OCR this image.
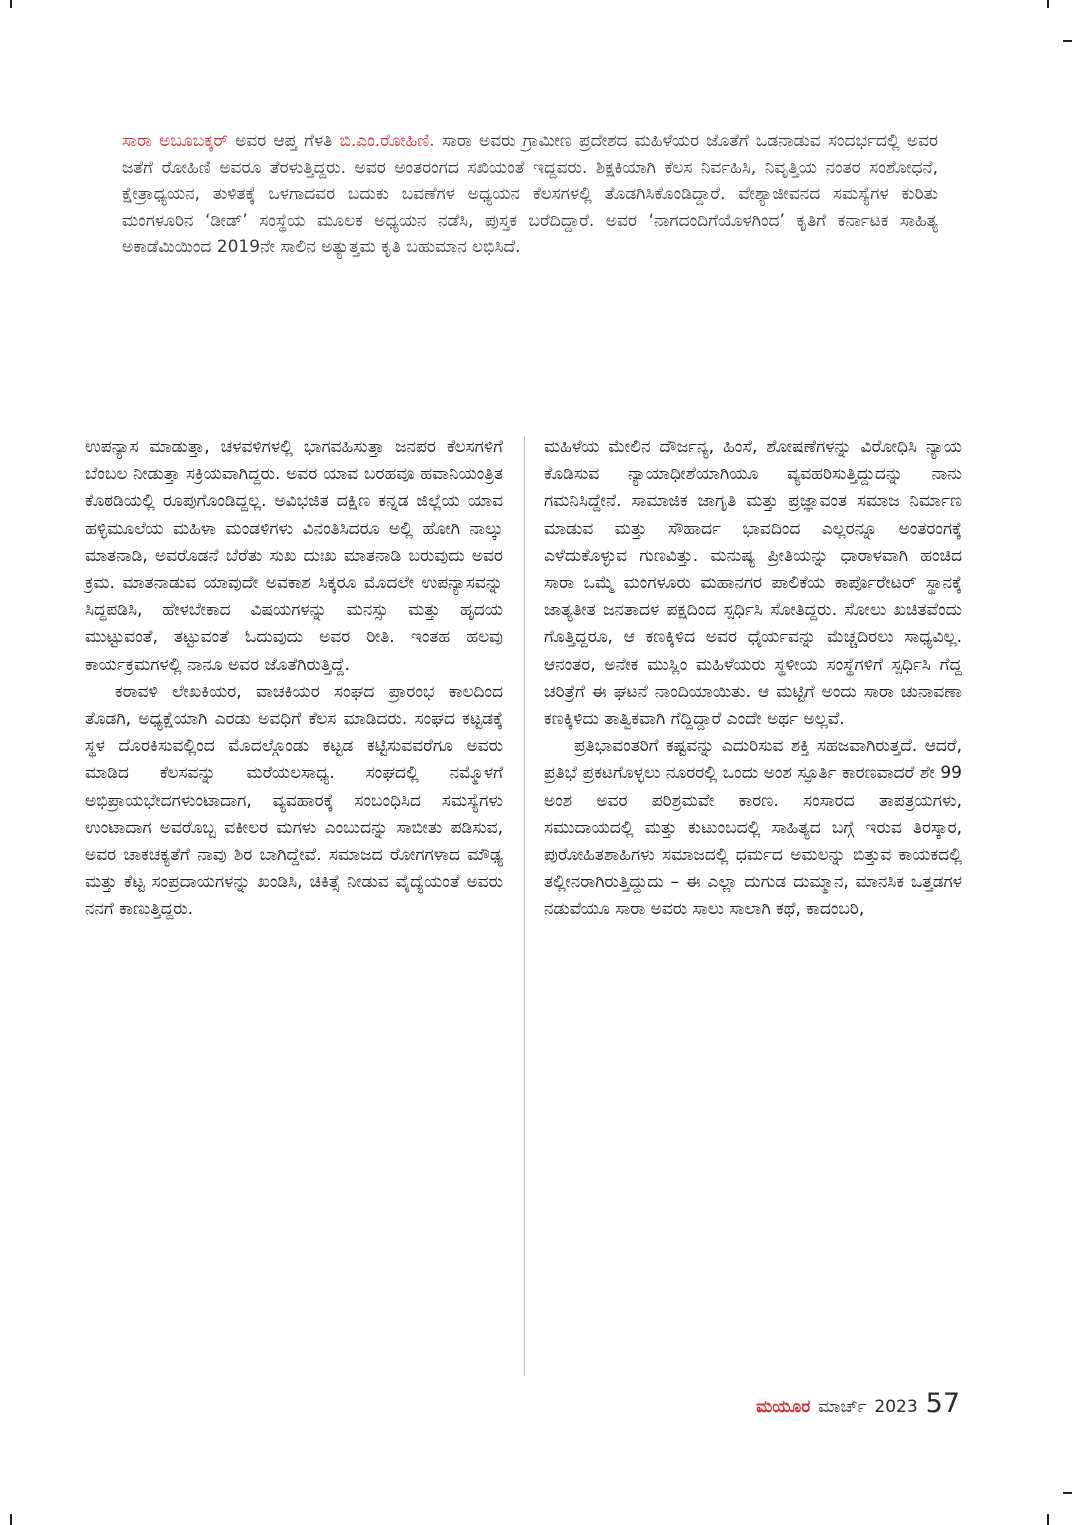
ಸಾರಾ ಅಬೂಬಕ್ಕರ್ ಅವರ ಆಪ್ತ ಗೆಳತಿ ಬಿ.ಎಂ.ರೋಹಿಣಿ. ಸಾರಾ ಅವರು ಗ್ರಾಮೀಣ ಪ್ರದೇಶದ ಮಹಿಳೆಯರ ಜೊತೆಗೆ ಒಡನಾಡುವ ಸಂದರ್ಭದಲ್ಲಿ ಅವರ ಜತೆಗೆ ರೋಹಿಣಿ ಅವರೂ ತೆರಳುತ್ತಿದ್ದರು. ಅವರ ಅಂತರಂಗದ ಸಖಿಯಂತೆ ಇದ್ದವರು. ಶಿಕ್ಷಕಿಯಾಗಿ ಕೆಲಸ ನಿರ್ವಹಿಸಿ, ನಿವೃತ್ತಿಯ ನಂತರ ಸಂಶೋಧನೆ, ಕ್ಷೇತ್ರಾಧ್ಯಯನ, ತುಳಿತಕ್ಕೆ ಒಳಗಾದವರ ಬದುಕು ಬವಣೆಗಳ ಅಧ್ಯಯನ ಕೆಲಸಗಳಲ್ಲಿ ತೊಡಗಿಸಿಕೊಂಡಿದ್ದಾರೆ. ವೇಶ್ಯಾಜೀವನದ ಸಮಸ್ಯೆಗಳ ಕುರಿತು ಮಂಗಳೂರಿನ ‘ಡೀಡ್’ ಸಂಸ್ಥೆಯ ಮೂಲಕ ಅಧ್ಯಯನ ನಡೆಸಿ, ಪುಸ್ತಕ ಬರೆದಿದ್ದಾರೆ. ಅವರ ‘ನಾಗದಂದಿಗೆಯೊಳಗಿಂದ’ ಕೃತಿಗೆ ಕರ್ನಾಟಕ ಸಾಹಿತ್ಯ ಅಕಾಡೆಮಿಯಿಂದ 2019ನೇ ಸಾಲಿನ ಅತ್ಯುತ್ತಮ ಕೃತಿ ಬಹುಮಾನ ಲಭಿಸಿದೆ.

ಉಪನ್ಯಾಸ ಮಾಡುತ್ತಾ, ಚಳವಳಿಗಳಲ್ಲಿ ಭಾಗವಹಿಸುತ್ತಾ ಜನಪರ ಕೆಲಸಗಳಿಗೆ ಬೆಂಬಲ ನೀಡುತ್ತಾ ಸಕ್ರಿಯವಾಗಿದ್ದರು. ಅವರ ಯಾವ ಬರಹವೂ ಹವಾನಿಯಂತ್ರಿತ ಕೊಠಡಿಯಲ್ಲಿ ರೂಪುಗೊಂಡಿದ್ದಲ್ಲ. ಅವಿಭಜಿತ ದಕ್ಷಿಣ ಕನ್ನಡ ಜಿಲ್ಲೆಯ ಯಾವ ಹಳ್ಳಿಮೂಲೆಯ ಮಹಿಳಾ ಮಂಡಳಿಗಳು ವಿನಂತಿಸಿದರೂ ಅಲ್ಲಿ ಹೋಗಿ ನಾಲ್ಕು ಮಾತನಾಡಿ, ಅವರೊಡನೆ ಬೆರೆತು ಸುಖ ದುಃಖ ಮಾತನಾಡಿ ಬರುವುದು ಅವರ ಕ್ರಮ. ಮಾತನಾಡುವ ಯಾವುದೇ ಅವಕಾಶ ಸಿಕ್ಕರೂ ಮೊದಲೇ ಉಪನ್ಯಾಸವನ್ನು ಸಿದ್ಧಪಡಿಸಿ, ಹೇಳಬೇಕಾದ ವಿಷಯಗಳನ್ನು ಮನಸ್ಸು ಮತ್ತು ಹೃದಯ ಮುಟ್ಟುವಂತೆ, ತಟ್ಟುವಂತೆ ಓದುವುದು ಅವರ ರೀತಿ. ಇಂತಹ ಹಲವು ಕಾರ್ಯಕ್ರಮಗಳಲ್ಲಿ ನಾನೂ ಅವರ ಜೊತೆಗಿರುತ್ತಿದ್ದೆ.

ಕರಾವಳಿ ಲೇಖಕಿಯರ, ವಾಚಕಿಯರ ಸಂಘದ ಪ್ರಾರಂಭ ಕಾಲದಿಂದ ತೊಡಗಿ, ಅಧ್ಯಕ್ಷೆಯಾಗಿ ಎರಡು ಅವಧಿಗೆ ಕೆಲಸ ಮಾಡಿದರು. ಸಂಘದ ಕಟ್ಟಡಕ್ಕೆ ಸ್ಥಳ ದೊರಕಿಸುವಲ್ಲಿಂದ ಮೊದಲ್ಗೊಂಡು ಕಟ್ಟಡ ಕಟ್ಟಿಸುವವರೆಗೂ ಅವರು ಮಾಡಿದ ಕೆಲಸವನ್ನು ಮರೆಯಲಸಾಧ್ಯ. ಸಂಘದಲ್ಲಿ ನಮ್ಮೊಳಗೆ ಅಭಿಪ್ರಾಯಭೇದಗಳುಂಟಾದಾಗ, ವ್ಯವಹಾರಕ್ಕೆ ಸಂಬಂಧಿಸಿದ ಸಮಸ್ಯೆಗಳು ಉಂಟಾದಾಗ ಅವರೊಬ್ಬ ವಕೀಲರ ಮಗಳು ಎಂಬುದನ್ನು ಸಾಬೀತು ಪಡಿಸುವ, ಅವರ ಚಾಕಚಕ್ಯತೆಗೆ ನಾವು ಶಿರ ಬಾಗಿದ್ದೇವೆ. ಸಮಾಜದ ರೋಗಗಳಾದ ಮೌಢ್ಯ ಮತ್ತು ಕೆಟ್ಟ ಸಂಪ್ರದಾಯಗಳನ್ನು ಖಂಡಿಸಿ, ಚಿಕಿತ್ಸೆ ನೀಡುವ ವೈದ್ಯೆಯಂತೆ ಅವರು ನನಗೆ ಕಾಣುತ್ತಿದ್ದರು.

ಮಹಿಳೆಯ ಮೇಲಿನ ದೌರ್ಜನ್ಯ, ಹಿಂಸೆ, ಶೋಷಣೆಗಳನ್ನು ವಿರೋಧಿಸಿ ನ್ಯಾಯ ಕೊಡಿಸುವ ನ್ಯಾಯಾಧೀಶೆಯಾಗಿಯೂ ವ್ಯವಹರಿಸುತ್ತಿದ್ದುದನ್ನು ನಾನು ಗಮನಿಸಿದ್ದೇನೆ. ಸಾಮಾಜಿಕ ಜಾಗೃತಿ ಮತ್ತು ಪ್ರಜ್ಞಾವಂತ ಸಮಾಜ ನಿರ್ಮಾಣ ಮಾಡುವ ಮತ್ತು ಸೌಹಾರ್ದ ಭಾವದಿಂದ ಎಲ್ಲರನ್ನೂ ಅಂತರಂಗಕ್ಕೆ ಎಳೆದುಕೊಳ್ಳುವ ಗುಣವಿತ್ತು. ಮನುಷ್ಯ ಪ್ರೀತಿಯನ್ನು ಧಾರಾಳವಾಗಿ ಹಂಚಿದ ಸಾರಾ ಒಮ್ಮೆ ಮಂಗಳೂರು ಮಹಾನಗರ ಪಾಲಿಕೆಯ ಕಾರ್ಪೊರೇಟರ್ ಸ್ಥಾನಕ್ಕೆ ಜಾತ್ಯತೀತ ಜನತಾದಳ ಪಕ್ಷದಿಂದ ಸ್ಪರ್ಧಿಸಿ ಸೋತಿದ್ದರು. ಸೋಲು ಖಚಿತವೆಂದು ಗೊತ್ತಿದ್ದರೂ, ಆ ಕಣಕ್ಕಿಳಿದ ಅವರ ಧೈರ್ಯವನ್ನು ಮೆಚ್ಚದಿರಲು ಸಾಧ್ಯವಿಲ್ಲ. ಆನಂತರ, ಅನೇಕ ಮುಸ್ಲಿಂ ಮಹಿಳೆಯರು ಸ್ಥಳೀಯ ಸಂಸ್ಥೆಗಳಿಗೆ ಸ್ಪರ್ಧಿಸಿ ಗೆದ್ದ ಚರಿತ್ರೆಗೆ ಈ ಘಟನೆ ನಾಂದಿಯಾಯಿತು. ಆ ಮಟ್ಟಿಗೆ ಅಂದು ಸಾರಾ ಚುನಾವಣಾ ಕಣಕ್ಕಿಳಿದು ತಾತ್ವಿಕವಾಗಿ ಗೆದ್ದಿದ್ದಾರೆ ಎಂದೇ ಅರ್ಥ ಅಲ್ಲವೆ.

ಪ್ರತಿಭಾವಂತರಿಗೆ ಕಷ್ಟವನ್ನು ಎದುರಿಸುವ ಶಕ್ತಿ ಸಹಜವಾಗಿರುತ್ತದೆ. ಆದರೆ, ಪ್ರತಿಭೆ ಪ್ರಕಟಗೊಳ್ಳಲು ನೂರರಲ್ಲಿ ಒಂದು ಅಂಶ ಸ್ಫೂರ್ತಿ ಕಾರಣವಾದರೆ ಶೇ 99 ಅಂಶ ಅವರ ಪರಿಶ್ರಮವೇ ಕಾರಣ. ಸಂಸಾರದ ತಾಪತ್ರಯಗಳು, ಸಮುದಾಯದಲ್ಲಿ ಮತ್ತು ಕುಟುಂಬದಲ್ಲಿ ಸಾಹಿತ್ಯದ ಬಗ್ಗೆ ಇರುವ ತಿರಸ್ಕಾರ, ಪುರೋಹಿತಶಾಹಿಗಳು ಸಮಾಜದಲ್ಲಿ ಧರ್ಮದ ಅಮಲನ್ನು ಬಿತ್ತುವ ಕಾಯಕದಲ್ಲಿ ತಲ್ಲೀನರಾಗಿರುತ್ತಿದ್ದುದು – ಈ ಎಲ್ಲಾ ದುಗುಡ ದುಮ್ಮಾನ, ಮಾನಸಿಕ ಒತ್ತಡಗಳ ನಡುವೆಯೂ ಸಾರಾ ಅವರು ಸಾಲು ಸಾಲಾಗಿ ಕಥೆ, ಕಾದಂಬರಿ,

ಮಯೂರ ಮಾರ್ಚ್ 2023 57
